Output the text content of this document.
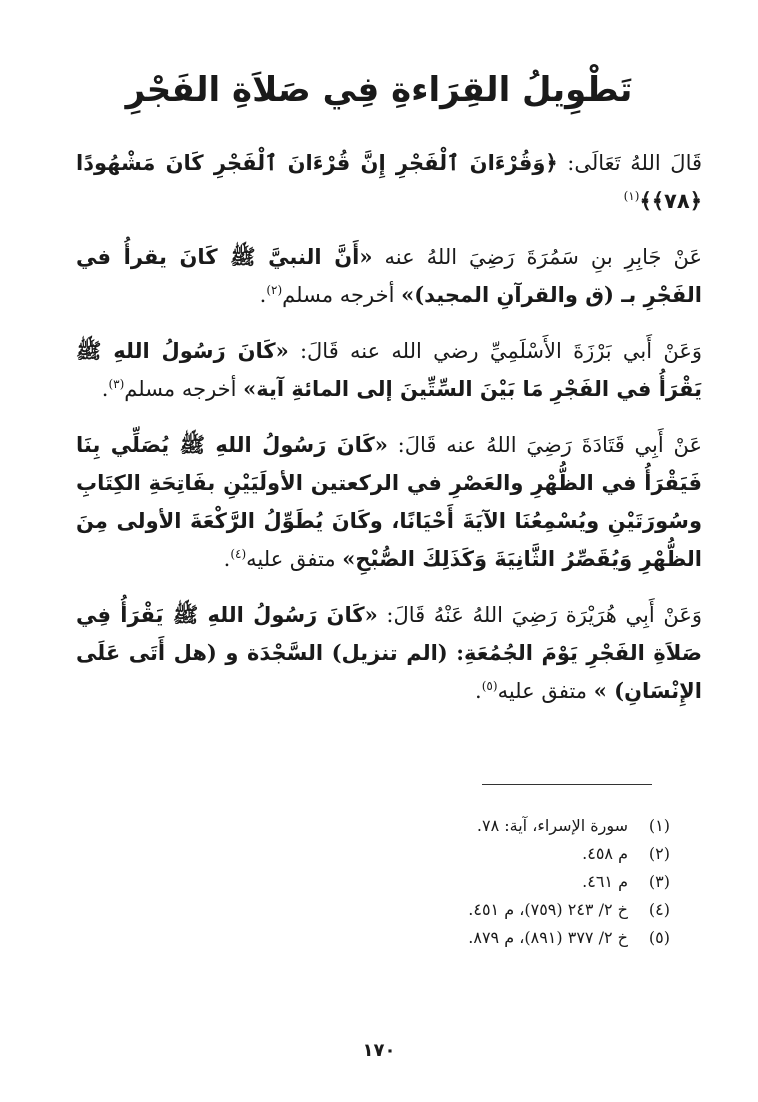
تَطْوِيلُ القِرَاءةِ فِي صَلاَةِ الفَجْرِ

قَالَ اللهُ تَعَالَى: ﴿وَقُرْءَانَ ٱلْفَجْرِ إِنَّ قُرْءَانَ ٱلْفَجْرِ كَانَ مَشْهُودًا ﴿٧٨﴾﴾$^{(١)}$

عَنْ جَابِرِ بنِ سَمُرَةَ رَضِيَ اللهُ عنه «أَنَّ النبيَّ ﷺ كَانَ يقرأُ في الفَجْرِ بـ (ق والقرآنِ المجيد)» أخرجه مسلم$^{(٢)}$.

وَعَنْ أَبي بَرْزَةَ الأَسْلَمِيِّ رضي الله عنه قَالَ: «كَانَ رَسُولُ اللهِ ﷺ يَقْرَأُ في الفَجْرِ مَا بَيْنَ السِّتِّينَ إلى المائةِ آية» أخرجه مسلم$^{(٣)}$.

عَنْ أَبِي قَتَادَةَ رَضِيَ اللهُ عنه قَالَ: «كَانَ رَسُولُ اللهِ ﷺ يُصَلِّي بِنَا فَيَقْرَأُ في الظُّهْرِ والعَصْرِ في الركعتين الأولَيَيْنِ بفَاتِحَةِ الكِتَابِ وسُورَتَيْنِ ويُسْمِعُنَا الآيَةَ أَحْيَانًا، وكَانَ يُطَوِّلُ الرَّكْعَةَ الأولى مِنَ الظُّهْرِ وَيُقَصِّرُ الثَّانِيَةَ وَكَذَلِكَ الصُّبْحِ» متفق عليه$^{(٤)}$.

وَعَنْ أَبِي هُرَيْرَة رَضِيَ اللهُ عَنْهُ قَالَ: «كَانَ رَسُولُ اللهِ ﷺ يَقْرَأُ فِي صَلاَةِ الفَجْرِ يَوْمَ الجُمُعَةِ: (الم تنزيل) السَّجْدَة و (هل أَتَى عَلَى الإِنْسَانِ) » متفق عليه$^{(٥)}$.

(١)
سورة الإسراء، آية: ٧٨.
(٢)
م ٤٥٨.
(٣)
م ٤٦١.
(٤)
خ ٢/ ٢٤٣ (٧٥٩)، م ٤٥١.
(٥)
خ ٢/ ٣٧٧ (٨٩١)، م ٨٧٩.
١٧٠
